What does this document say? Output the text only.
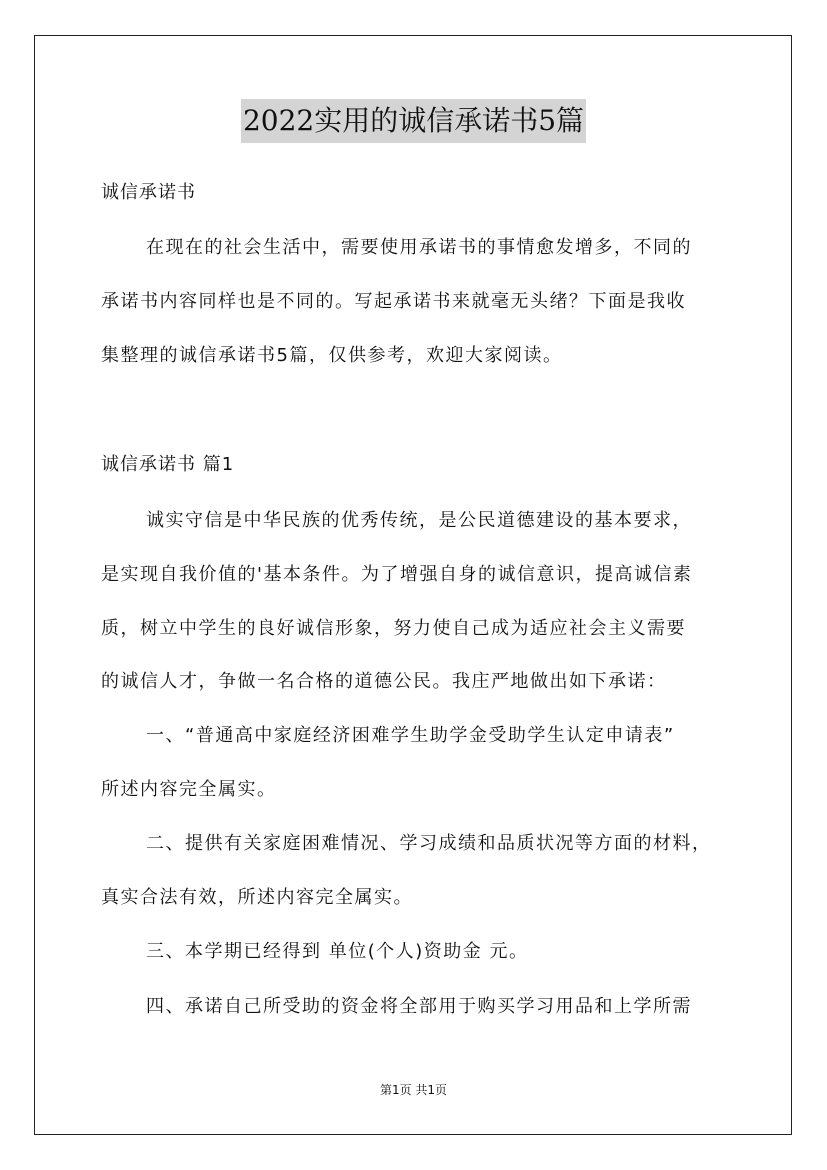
2022实用的诚信承诺书5篇
诚信承诺书
在现在的社会生活中，需要使用承诺书的事情愈发增多，不同的
承诺书内容同样也是不同的。写起承诺书来就毫无头绪？下面是我收
集整理的诚信承诺书5篇，仅供参考，欢迎大家阅读。
诚信承诺书 篇1
诚实守信是中华民族的优秀传统，是公民道德建设的基本要求，
是实现自我价值的'基本条件。为了增强自身的诚信意识，提高诚信素
质，树立中学生的良好诚信形象，努力使自己成为适应社会主义需要
的诚信人才，争做一名合格的道德公民。我庄严地做出如下承诺：
一、“普通高中家庭经济困难学生助学金受助学生认定申请表”
所述内容完全属实。
二、提供有关家庭困难情况、学习成绩和品质状况等方面的材料，
真实合法有效，所述内容完全属实。
三、本学期已经得到 单位(个人)资助金 元。
四、承诺自己所受助的资金将全部用于购买学习用品和上学所需
第1页 共1页
